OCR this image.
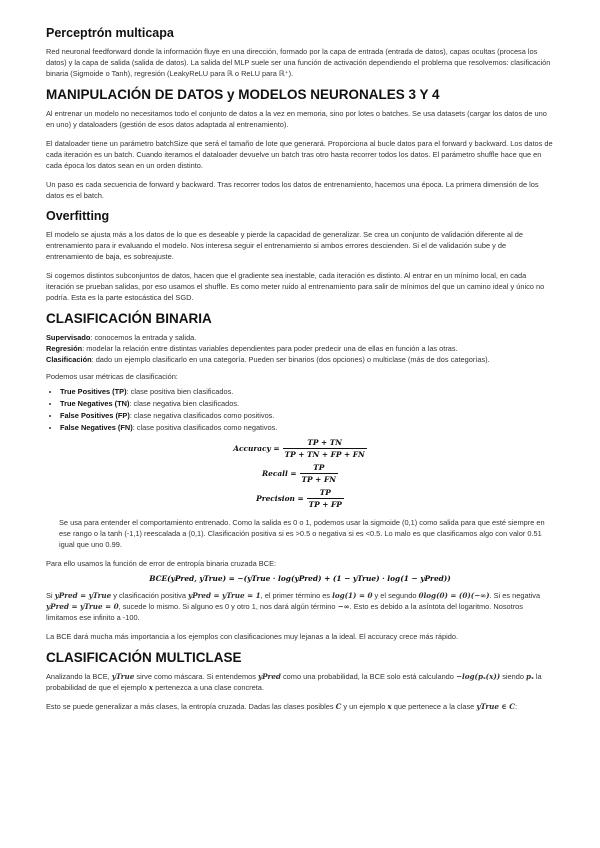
Perceptrón multicapa

Red neuronal feedforward donde la información fluye en una dirección, formado por la capa de entrada (entrada de datos), capas ocultas (procesa los datos) y la capa de salida (salida de datos). La salida del MLP suele ser una función de activación dependiendo el problema que resolvemos: clasificación binaria (Sigmoide o Tanh), regresión (LeakyReLU para ℝ o ReLU para ℝ⁺).

MANIPULACIÓN DE DATOS y MODELOS NEURONALES 3 Y 4

Al entrenar un modelo no necesitamos todo el conjunto de datos a la vez en memoria, sino por lotes o batches. Se usa datasets (cargar los datos de uno en uno) y dataloaders (gestión de esos datos adaptada al entrenamiento).

El dataloader tiene un parámetro batchSize que será el tamaño de lote que generará. Proporciona al bucle datos para el forward y backward. Los datos de cada iteración es un batch. Cuando iteramos el dataloader devuelve un batch tras otro hasta recorrer todos los datos. El parámetro shuffle hace que en cada época los datos sean en un orden distinto.

Un paso es cada secuencia de forward y backward. Tras recorrer todos los datos de entrenamiento, hacemos una época. La primera dimensión de los datos es el batch.

Overfitting

El modelo se ajusta más a los datos de lo que es deseable y pierde la capacidad de generalizar. Se crea un conjunto de validación diferente al de entrenamiento para ir evaluando el modelo. Nos interesa seguir el entrenamiento si ambos errores descienden. Si el de validación sube y de entrenamiento de baja, es sobreajuste.

Si cogemos distintos subconjuntos de datos, hacen que el gradiente sea inestable, cada iteración es distinto. Al entrar en un mínimo local, en cada iteración se prueban salidas, por eso usamos el shuffle. Es como meter ruido al entrenamiento para salir de mínimos del que un camino ideal y único no podría. Esta es la parte estocástica del SGD.

CLASIFICACIÓN BINARIA

Supervisado: conocemos la entrada y salida.
Regresión: modelar la relación entre distintas variables dependientes para poder predecir una de ellas en función a las otras.
Clasificación: dado un ejemplo clasificarlo en una categoría. Pueden ser binarios (dos opciones) o multiclase (más de dos categorías).

Podemos usar métricas de clasificación:

• True Positives (TP): clase positiva bien clasificados.
• True Negatives (TN): clase negativa bien clasificados.
• False Positives (FP): clase negativa clasificados como positivos.
• False Negatives (FN): clase positiva clasificados como negativos.
Accuracy = $\frac{TP + TN}{TP + TN + FP + FN}$
Recall = $\frac{TP}{TP + FN}$
Precision = $\frac{TP}{TP + FP}$

Se usa para entender el comportamiento entrenado. Como la salida es 0 o 1, podemos usar la sigmoide (0,1) como salida para que esté siempre en ese rango o la tanh (-1,1) reescalada a (0,1). Clasificación positiva si es >0.5 o negativa si es <0.5. Lo malo es que clasificamos algo con valor 0.51 igual que uno 0.99.

Para ello usamos la función de error de entropía binaria cruzada BCE:

BCE(yPred, yTrue) = −(yTrue · log(yPred) + (1 − yTrue) · log(1 − yPred))

Si yPred = yTrue y clasificación positiva yPred = yTrue = 1, el primer término es log(1) = 0 y el segundo 0log(0) = (0)(−∞). Si es negativa yPred = yTrue = 0, sucede lo mismo. Si alguno es 0 y otro 1, nos dará algún término −∞. Esto es debido a la asíntota del logaritmo. Nosotros limitamos ese infinito a -100.

La BCE dará mucha más importancia a los ejemplos con clasificaciones muy lejanas a la ideal. El accuracy crece más rápido.

CLASIFICACIÓN MULTICLASE

Analizando la BCE, yTrue sirve como máscara. Si entendemos yPred como una probabilidad, la BCE solo está calculando −log(pₓ(x)) siendo pₓ la probabilidad de que el ejemplo x pertenezca a una clase concreta.

Esto se puede generalizar a más clases, la entropía cruzada. Dadas las clases posibles C y un ejemplo x que pertenece a la clase yTrue ∈ C:
